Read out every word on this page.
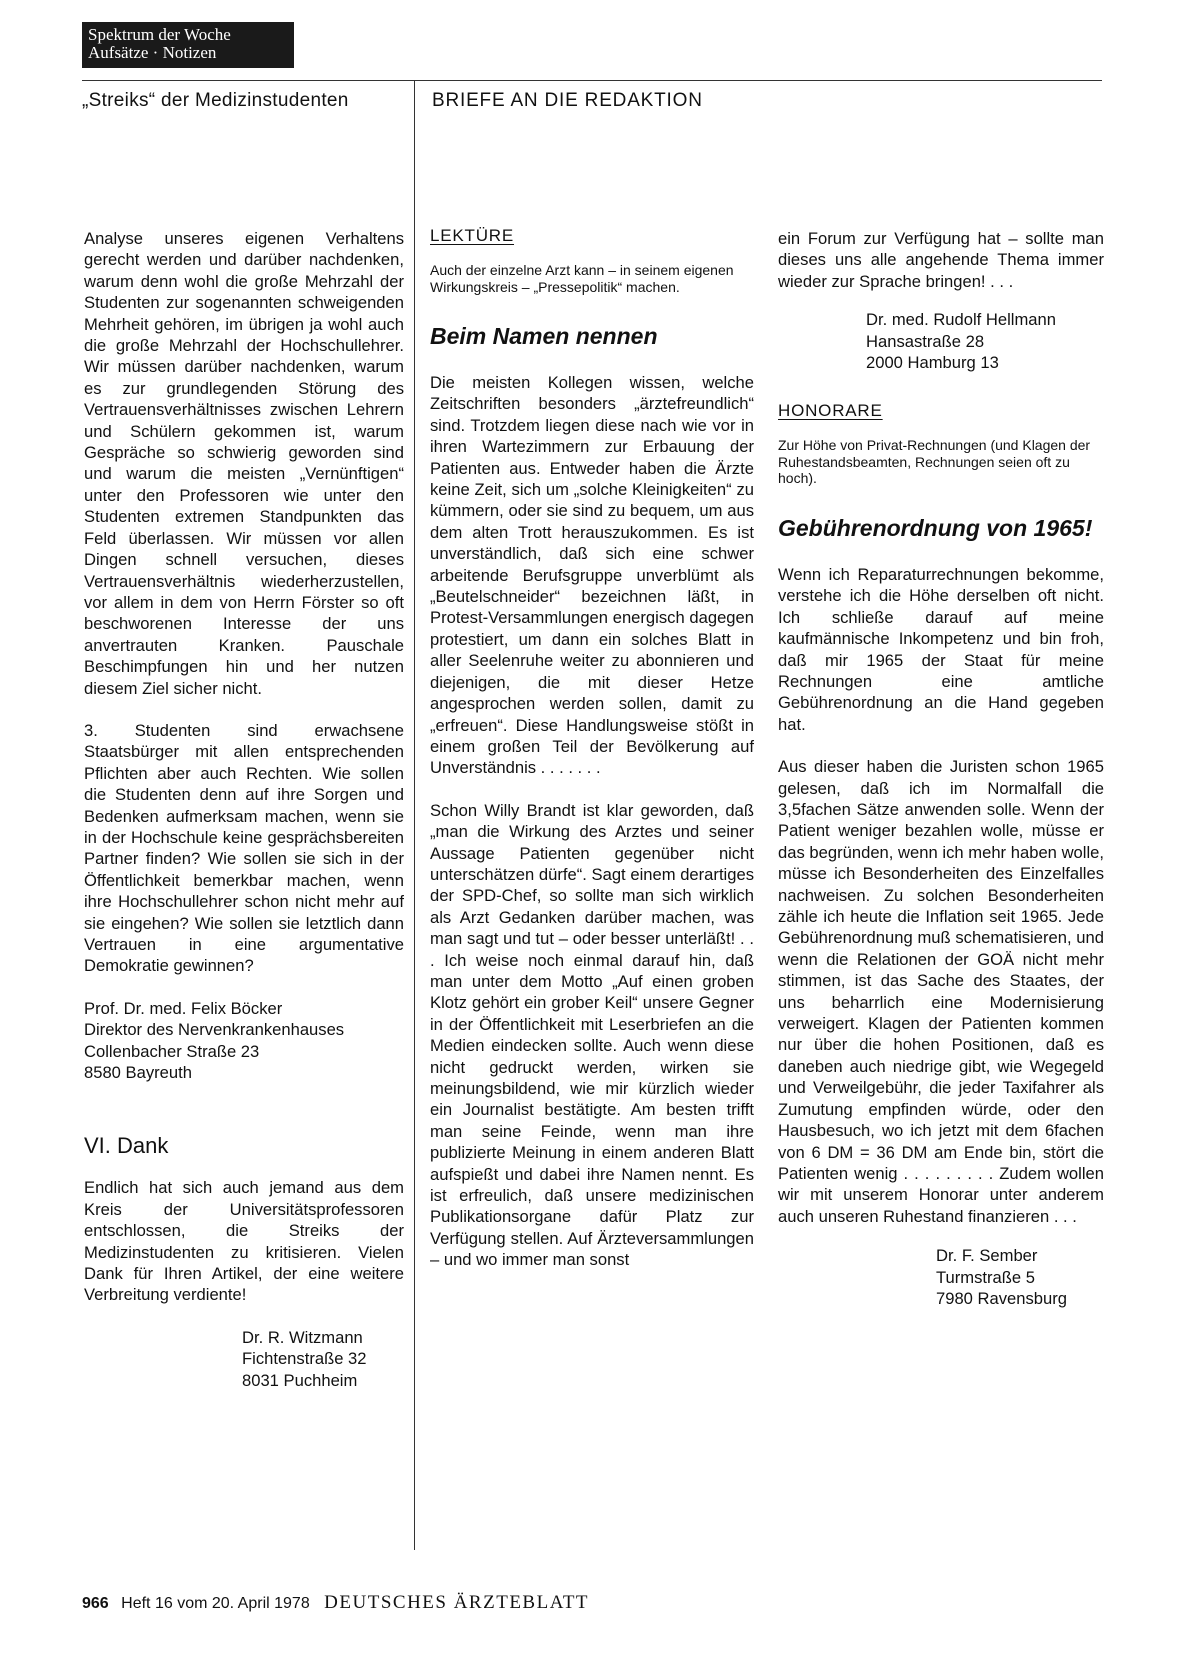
Spektrum der Woche
Aufsätze · Notizen
„Streiks“ der Medizinstudenten	BRIEFE AN DIE REDAKTION

Analyse unseres eigenen Verhaltens gerecht werden und darüber nachdenken, warum denn wohl die große Mehrzahl der Studenten zur sogenannten schweigenden Mehrheit gehören, im übrigen ja wohl auch die große Mehrzahl der Hochschullehrer. Wir müssen darüber nachdenken, warum es zur grundlegenden Störung des Vertrauensverhältnisses zwischen Lehrern und Schülern gekommen ist, warum Gespräche so schwierig geworden sind und warum die meisten „Vernünftigen“ unter den Professoren wie unter den Studenten extremen Standpunkten das Feld überlassen. Wir müssen vor allen Dingen schnell versuchen, dieses Vertrauensverhältnis wiederherzustellen, vor allem in dem von Herrn Förster so oft beschworenen Interesse der uns anvertrauten Kranken. Pauschale Beschimpfungen hin und her nutzen diesem Ziel sicher nicht.

3. Studenten sind erwachsene Staatsbürger mit allen entsprechenden Pflichten aber auch Rechten. Wie sollen die Studenten denn auf ihre Sorgen und Bedenken aufmerksam machen, wenn sie in der Hochschule keine gesprächsbereiten Partner finden? Wie sollen sie sich in der Öffentlichkeit bemerkbar machen, wenn ihre Hochschullehrer schon nicht mehr auf sie eingehen? Wie sollen sie letztlich dann Vertrauen in eine argumentative Demokratie gewinnen?

Prof. Dr. med. Felix Böcker
Direktor des Nervenkrankenhauses
Collenbacher Straße 23
8580 Bayreuth
VI. Dank

Endlich hat sich auch jemand aus dem Kreis der Universitätsprofessoren entschlossen, die Streiks der Medizinstudenten zu kritisieren. Vielen Dank für Ihren Artikel, der eine weitere Verbreitung verdiente!

Dr. R. Witzmann
Fichtenstraße 32
8031 Puchheim
LEKTÜRE

Auch der einzelne Arzt kann – in seinem eigenen Wirkungskreis – „Pressepolitik“ machen.

Beim Namen nennen

Die meisten Kollegen wissen, welche Zeitschriften besonders „ärztefreundlich“ sind. Trotzdem liegen diese nach wie vor in ihren Wartezimmern zur Erbauung der Patienten aus. Entweder haben die Ärzte keine Zeit, sich um „solche Kleinigkeiten“ zu kümmern, oder sie sind zu bequem, um aus dem alten Trott herauszukommen. Es ist unverständlich, daß sich eine schwer arbeitende Berufsgruppe unverblümt als „Beutelschneider“ bezeichnen läßt, in Protest-Versammlungen energisch dagegen protestiert, um dann ein solches Blatt in aller Seelenruhe weiter zu abonnieren und diejenigen, die mit dieser Hetze angesprochen werden sollen, damit zu „erfreuen“. Diese Handlungsweise stößt in einem großen Teil der Bevölkerung auf Unverständnis . . . . . . .

Schon Willy Brandt ist klar geworden, daß „man die Wirkung des Arztes und seiner Aussage Patienten gegenüber nicht unterschätzen dürfe“. Sagt einem derartiges der SPD-Chef, so sollte man sich wirklich als Arzt Gedanken darüber machen, was man sagt und tut – oder besser unterläßt! . . . Ich weise noch einmal darauf hin, daß man unter dem Motto „Auf einen groben Klotz gehört ein grober Keil“ unsere Gegner in der Öffentlichkeit mit Leserbriefen an die Medien eindecken sollte. Auch wenn diese nicht gedruckt werden, wirken sie meinungsbildend, wie mir kürzlich wieder ein Journalist bestätigte. Am besten trifft man seine Feinde, wenn man ihre publizierte Meinung in einem anderen Blatt aufspießt und dabei ihre Namen nennt. Es ist erfreulich, daß unsere medizinischen Publikationsorgane dafür Platz zur Verfügung stellen. Auf Ärzteversammlungen – und wo immer man sonst

ein Forum zur Verfügung hat – sollte man dieses uns alle angehende Thema immer wieder zur Sprache bringen! . . .

Dr. med. Rudolf Hellmann
Hansastraße 28
2000 Hamburg 13
HONORARE

Zur Höhe von Privat-Rechnungen (und Klagen der Ruhestandsbeamten, Rechnungen seien oft zu hoch).

Gebührenordnung von 1965!

Wenn ich Reparaturrechnungen bekomme, verstehe ich die Höhe derselben oft nicht. Ich schließe darauf auf meine kaufmännische Inkompetenz und bin froh, daß mir 1965 der Staat für meine Rechnungen eine amtliche Gebührenordnung an die Hand gegeben hat.

Aus dieser haben die Juristen schon 1965 gelesen, daß ich im Normalfall die 3,5fachen Sätze anwenden solle. Wenn der Patient weniger bezahlen wolle, müsse er das begründen, wenn ich mehr haben wolle, müsse ich Besonderheiten des Einzelfalles nachweisen. Zu solchen Besonderheiten zähle ich heute die Inflation seit 1965. Jede Gebührenordnung muß schematisieren, und wenn die Relationen der GOÄ nicht mehr stimmen, ist das Sache des Staates, der uns beharrlich eine Modernisierung verweigert. Klagen der Patienten kommen nur über die hohen Positionen, daß es daneben auch niedrige gibt, wie Wegegeld und Verweilgebühr, die jeder Taxifahrer als Zumutung empfinden würde, oder den Hausbesuch, wo ich jetzt mit dem 6fachen von 6 DM = 36 DM am Ende bin, stört die Patienten wenig . . . . . . . . . Zudem wollen wir mit unserem Honorar unter anderem auch unseren Ruhestand finanzieren . . .

Dr. F. Sember
Turmstraße 5
7980 Ravensburg
966 Heft 16 vom 20. April 1978 DEUTSCHES ÄRZTEBLATT
